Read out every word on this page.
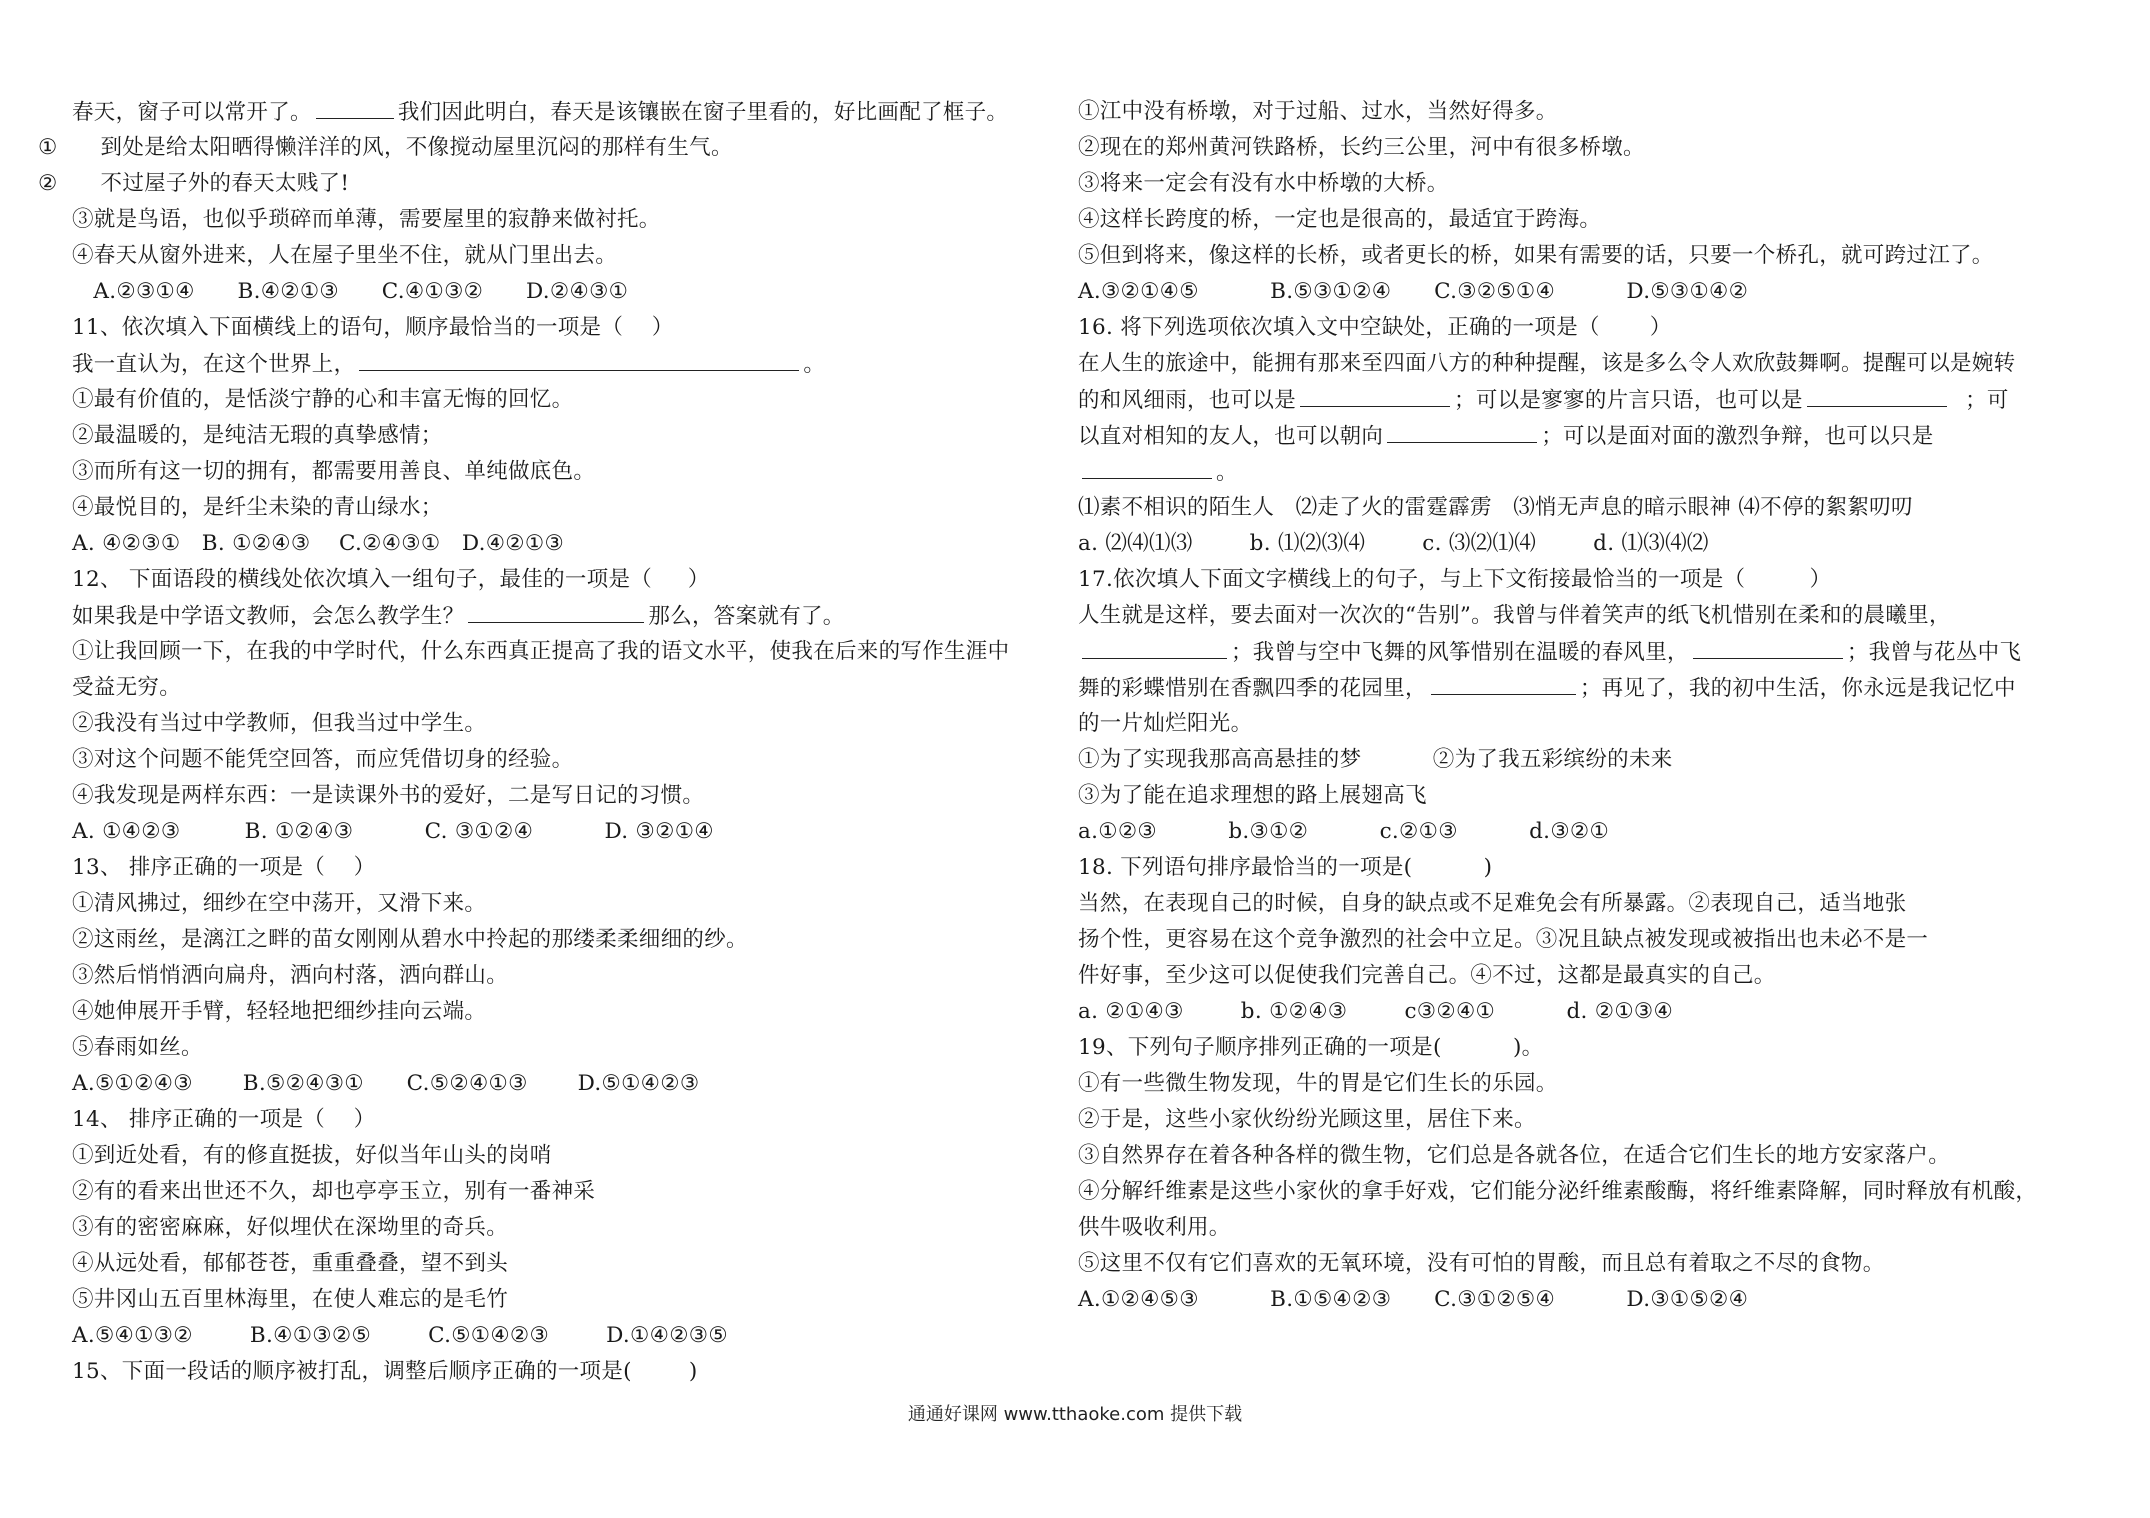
春天，窗子可以常开了。	我们因此明白，春天是该镶嵌在窗子里看的，好比画配了框子。
① 到处是给太阳晒得懒洋洋的风，不像搅动屋里沉闷的那样有生气。
② 不过屋子外的春天太贱了!
③就是鸟语，也似乎琐碎而单薄，需要屋里的寂静来做衬托。
④春天从窗外进来，人在屋子里坐不住，就从门里出去。
A.②③①④      B.④②①③      C.④①③②      D.②④③①
11、依次填入下面横线上的语句，顺序最恰当的一项是（    ）
我一直认为，在这个世界上，	。
①最有价值的，是恬淡宁静的心和丰富无悔的回忆。
②最温暖的，是纯洁无瑕的真挚感情；
③而所有这一切的拥有，都需要用善良、单纯做底色。
④最悦目的，是纤尘未染的青山绿水；
A. ④②③①   B. ①②④③    C.②④③①   D.④②①③
12、 下面语段的横线处依次填入一组句子，最佳的一项是（     ）
如果我是中学语文教师，会怎么教学生？	那么，答案就有了。
①让我回顾一下，在我的中学时代，什么东西真正提高了我的语文水平，使我在后来的写作生涯中
受益无穷。
②我没有当过中学教师，但我当过中学生。
③对这个问题不能凭空回答，而应凭借切身的经验。
④我发现是两样东西：一是读课外书的爱好，二是写日记的习惯。
A. ①④②③         B. ①②④③          C. ③①②④          D. ③②①④
13、 排序正确的一项是（    ）
①清风拂过，细纱在空中荡开，又滑下来。
②这雨丝，是漓江之畔的苗女刚刚从碧水中拎起的那缕柔柔细细的纱。
③然后悄悄洒向扁舟，洒向村落，洒向群山。
④她伸展开手臂，轻轻地把细纱挂向云端。
⑤春雨如丝。
A.⑤①②④③       B.⑤②④③①      C.⑤②④①③       D.⑤①④②③
14、 排序正确的一项是（    ）
①到近处看，有的修直挺拔，好似当年山头的岗哨
②有的看来出世还不久，却也亭亭玉立，别有一番神采
③有的密密麻麻，好似埋伏在深坳里的奇兵。
④从远处看，郁郁苍苍，重重叠叠，望不到头
⑤井冈山五百里林海里，在使人难忘的是毛竹
A.⑤④①③②        B.④①③②⑤        C.⑤①④②③        D.①④②③⑤
15、下面一段话的顺序被打乱，调整后顺序正确的一项是(        )
①江中没有桥墩，对于过船、过水，当然好得多。
②现在的郑州黄河铁路桥，长约三公里，河中有很多桥墩。
③将来一定会有没有水中桥墩的大桥。
④这样长跨度的桥，一定也是很高的，最适宜于跨海。
⑤但到将来，像这样的长桥，或者更长的桥，如果有需要的话，只要一个桥孔，就可跨过江了。
A.③②①④⑤          B.⑤③①②④      C.③②⑤①④          D.⑤③①④②
16. 将下列选项依次填入文中空缺处，正确的一项是（       ）
在人生的旅途中，能拥有那来至四面八方的种种提醒，该是多么令人欢欣鼓舞啊。提醒可以是婉转
的和风细雨，也可以是	；可以是寥寥的片言只语，也可以是	；可
以直对相知的友人，也可以朝向	；可以是面对面的激烈争辩，也可以只是
。
⑴素不相识的陌生人   ⑵走了火的雷霆霹雳   ⑶悄无声息的暗示眼神 ⑷不停的絮絮叨叨
a. ⑵⑷⑴⑶        b. ⑴⑵⑶⑷        c. ⑶⑵⑴⑷        d. ⑴⑶⑷⑵
17.依次填人下面文字横线上的句子，与上下文衔接最恰当的一项是（         ）
人生就是这样，要去面对一次次的“告别”。我曾与伴着笑声的纸飞机惜别在柔和的晨曦里，
；我曾与空中飞舞的风筝惜别在温暖的春风里，	；我曾与花丛中飞
舞的彩蝶惜别在香飘四季的花园里，	；再见了，我的初中生活，你永远是我记忆中
的一片灿烂阳光。
①为了实现我那高高悬挂的梦          ②为了我五彩缤纷的未来
③为了能在追求理想的路上展翅高飞
a.①②③          b.③①②          c.②①③          d.③②①
18. 下列语句排序最恰当的一项是(          )
当然，在表现自己的时候，自身的缺点或不足难免会有所暴露。②表现自己，适当地张
扬个性，更容易在这个竞争激烈的社会中立足。③况且缺点被发现或被指出也未必不是一
件好事，至少这可以促使我们完善自己。④不过，这都是最真实的自己。
a. ②①④③        b. ①②④③        c③②④①          d. ②①③④
19、下列句子顺序排列正确的一项是(          )。
①有一些微生物发现，牛的胃是它们生长的乐园。
②于是，这些小家伙纷纷光顾这里，居住下来。
③自然界存在着各种各样的微生物，它们总是各就各位，在适合它们生长的地方安家落户。
④分解纤维素是这些小家伙的拿手好戏，它们能分泌纤维素酸酶，将纤维素降解，同时释放有机酸，
供牛吸收利用。
⑤这里不仅有它们喜欢的无氧环境，没有可怕的胃酸，而且总有着取之不尽的食物。
A.①②④⑤③          B.①⑤④②③      C.③①②⑤④          D.③①⑤②④
通通好课网 www.tthaoke.com 提供下载
